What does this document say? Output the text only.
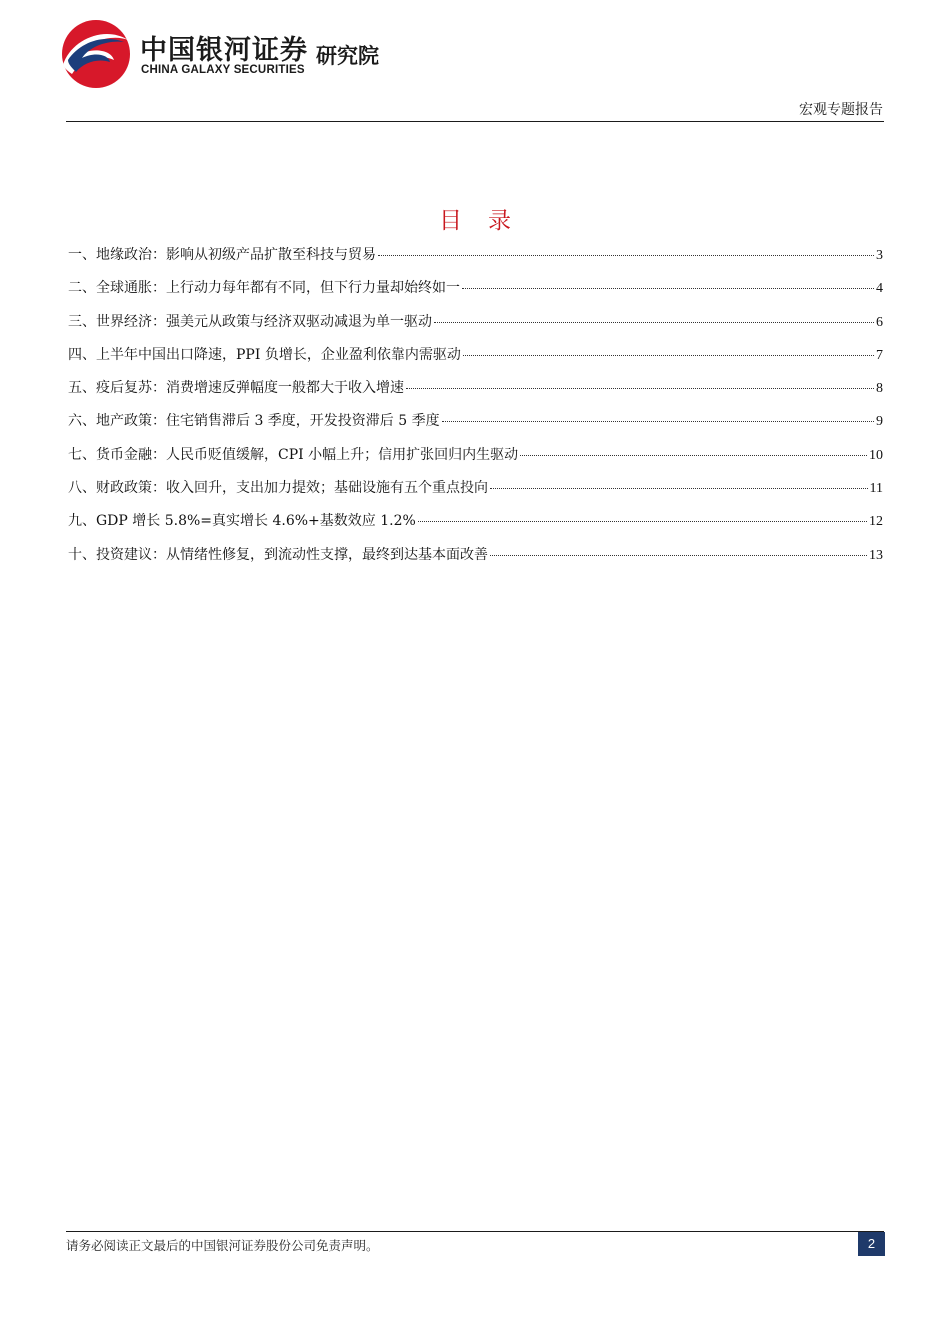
中国银河证券
CHINA GALAXY SECURITIES
研究院
宏观专题报告
目录
一、地缘政治：影响从初级产品扩散至科技与贸易	3
二、全球通胀：上行动力每年都有不同，但下行力量却始终如一	4
三、世界经济：强美元从政策与经济双驱动减退为单一驱动	6
四、上半年中国出口降速，PPI 负增长，企业盈利依靠内需驱动	7
五、疫后复苏：消费增速反弹幅度一般都大于收入增速	8
六、地产政策：住宅销售滞后 3 季度，开发投资滞后 5 季度	9
七、货币金融：人民币贬值缓解，CPI 小幅上升；信用扩张回归内生驱动	10
八、财政政策：收入回升，支出加力提效；基础设施有五个重点投向	11
九、GDP 增长 5.8%=真实增长 4.6%+基数效应 1.2%	12
十、投资建议：从情绪性修复，到流动性支撑，最终到达基本面改善	13
请务必阅读正文最后的中国银河证券股份公司免责声明。	2
